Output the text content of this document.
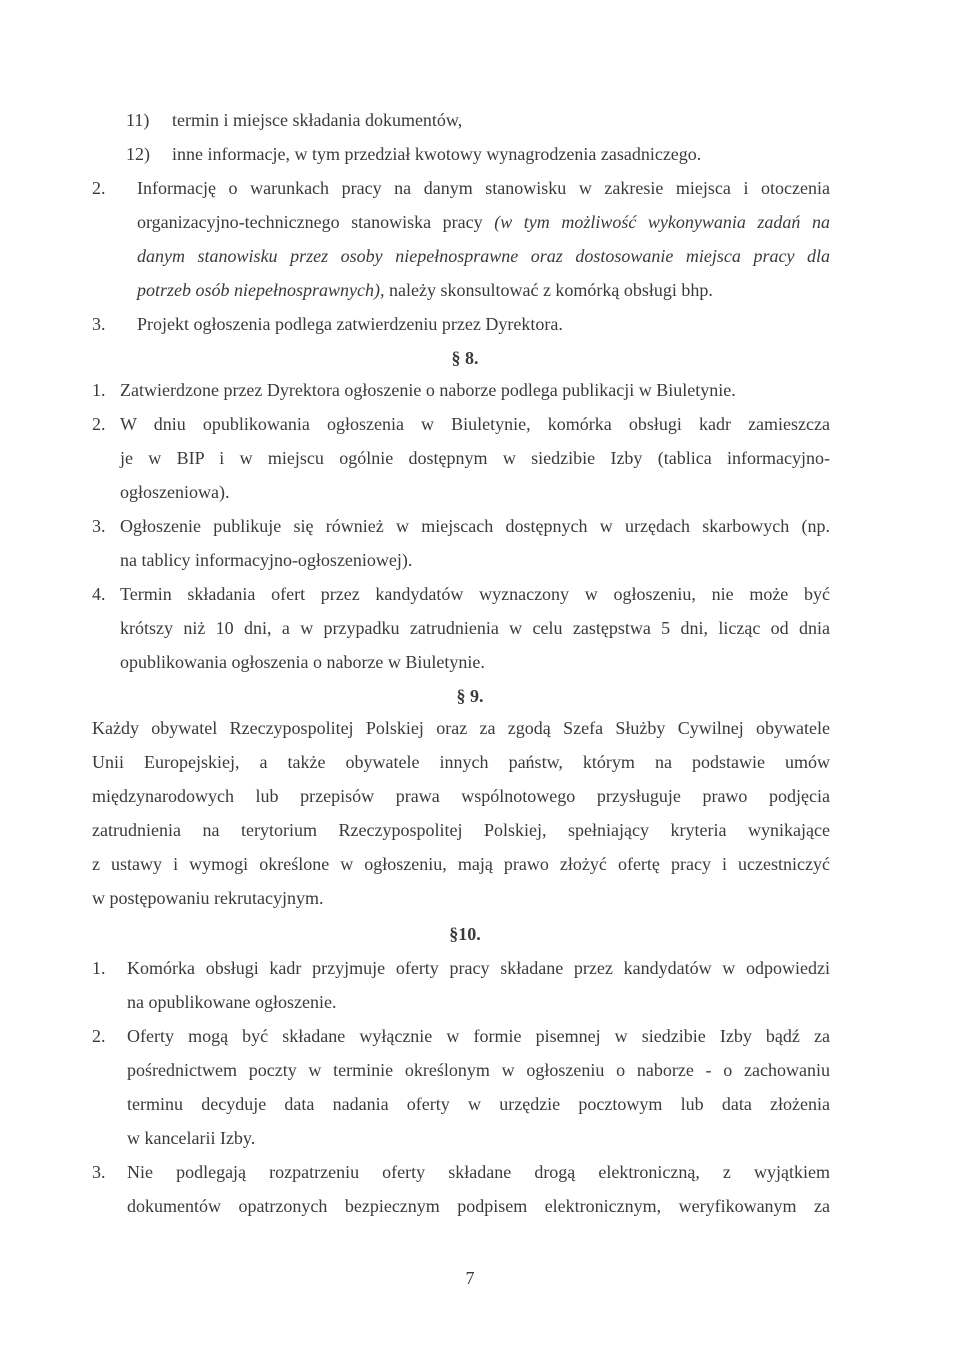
11) termin i miejsce składania dokumentów,
12) inne informacje, w tym przedział kwotowy wynagrodzenia zasadniczego.
2. Informację o warunkach pracy na danym stanowisku w zakresie miejsca i otoczenia
organizacyjno-technicznego stanowiska pracy (w tym możliwość wykonywania zadań na
danym stanowisku przez osoby niepełnosprawne oraz dostosowanie miejsca pracy dla
potrzeb osób niepełnosprawnych), należy skonsultować z komórką obsługi bhp.
3. Projekt ogłoszenia podlega zatwierdzeniu przez Dyrektora.
§ 8.
1. Zatwierdzone przez Dyrektora ogłoszenie o naborze podlega publikacji w Biuletynie.
2. W dniu opublikowania ogłoszenia w Biuletynie, komórka obsługi kadr zamieszcza
je w BIP i w miejscu ogólnie dostępnym w siedzibie Izby (tablica informacyjno-
ogłoszeniowa).
3. Ogłoszenie publikuje się również w miejscach dostępnych w urzędach skarbowych (np.
na tablicy informacyjno-ogłoszeniowej).
4. Termin składania ofert przez kandydatów wyznaczony w ogłoszeniu, nie może być
krótszy niż 10 dni, a w przypadku zatrudnienia w celu zastępstwa 5 dni, licząc od dnia
opublikowania ogłoszenia o naborze w Biuletynie.
§ 9.
Każdy obywatel Rzeczypospolitej Polskiej oraz za zgodą Szefa Służby Cywilnej obywatele
Unii Europejskiej, a także obywatele innych państw, którym na podstawie umów
międzynarodowych lub przepisów prawa wspólnotowego przysługuje prawo podjęcia
zatrudnienia na terytorium Rzeczypospolitej Polskiej, spełniający kryteria wynikające
z ustawy i wymogi określone w ogłoszeniu, mają prawo złożyć ofertę pracy i uczestniczyć
w postępowaniu rekrutacyjnym.
§10.
1. Komórka obsługi kadr przyjmuje oferty pracy składane przez kandydatów w odpowiedzi
na opublikowane ogłoszenie.
2. Oferty mogą być składane wyłącznie w formie pisemnej w siedzibie Izby bądź za
pośrednictwem poczty w terminie określonym w ogłoszeniu o naborze - o zachowaniu
terminu decyduje data nadania oferty w urzędzie pocztowym lub data złożenia
w kancelarii Izby.
3. Nie podlegają rozpatrzeniu oferty składane drogą elektroniczną, z wyjątkiem
dokumentów opatrzonych bezpiecznym podpisem elektronicznym, weryfikowanym za
7
